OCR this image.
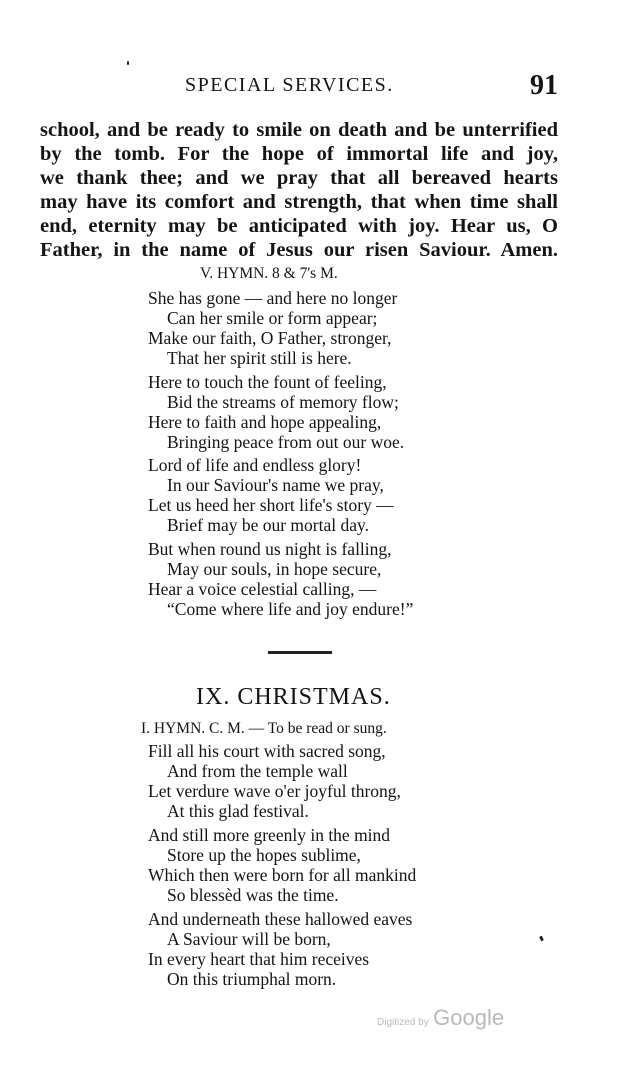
SPECIAL SERVICES.	91

school, and be ready to smile on death and be unterrified
by the tomb. For the hope of immortal life and joy,
we thank thee; and we pray that all bereaved hearts
may have its comfort and strength, that when time shall
end, eternity may be anticipated with joy. Hear us, O
Father, in the name of Jesus our risen Saviour. Amen.

V. HYMN. 8 & 7's M.
She has gone — and here no longer
Can her smile or form appear;
Make our faith, O Father, stronger,
That her spirit still is here.
Here to touch the fount of feeling,
Bid the streams of memory flow;
Here to faith and hope appealing,
Bringing peace from out our woe.
Lord of life and endless glory!
In our Saviour's name we pray,
Let us heed her short life's story —
Brief may be our mortal day.
But when round us night is falling,
May our souls, in hope secure,
Hear a voice celestial calling, —
“Come where life and joy endure!”
IX. CHRISTMAS.
I. HYMN. C. M. — To be read or sung.
Fill all his court with sacred song,
And from the temple wall
Let verdure wave o'er joyful throng,
At this glad festival.
And still more greenly in the mind
Store up the hopes sublime,
Which then were born for all mankind
So blessèd was the time.
And underneath these hallowed eaves
A Saviour will be born,
In every heart that him receives
On this triumphal morn.
Digitized by Google
